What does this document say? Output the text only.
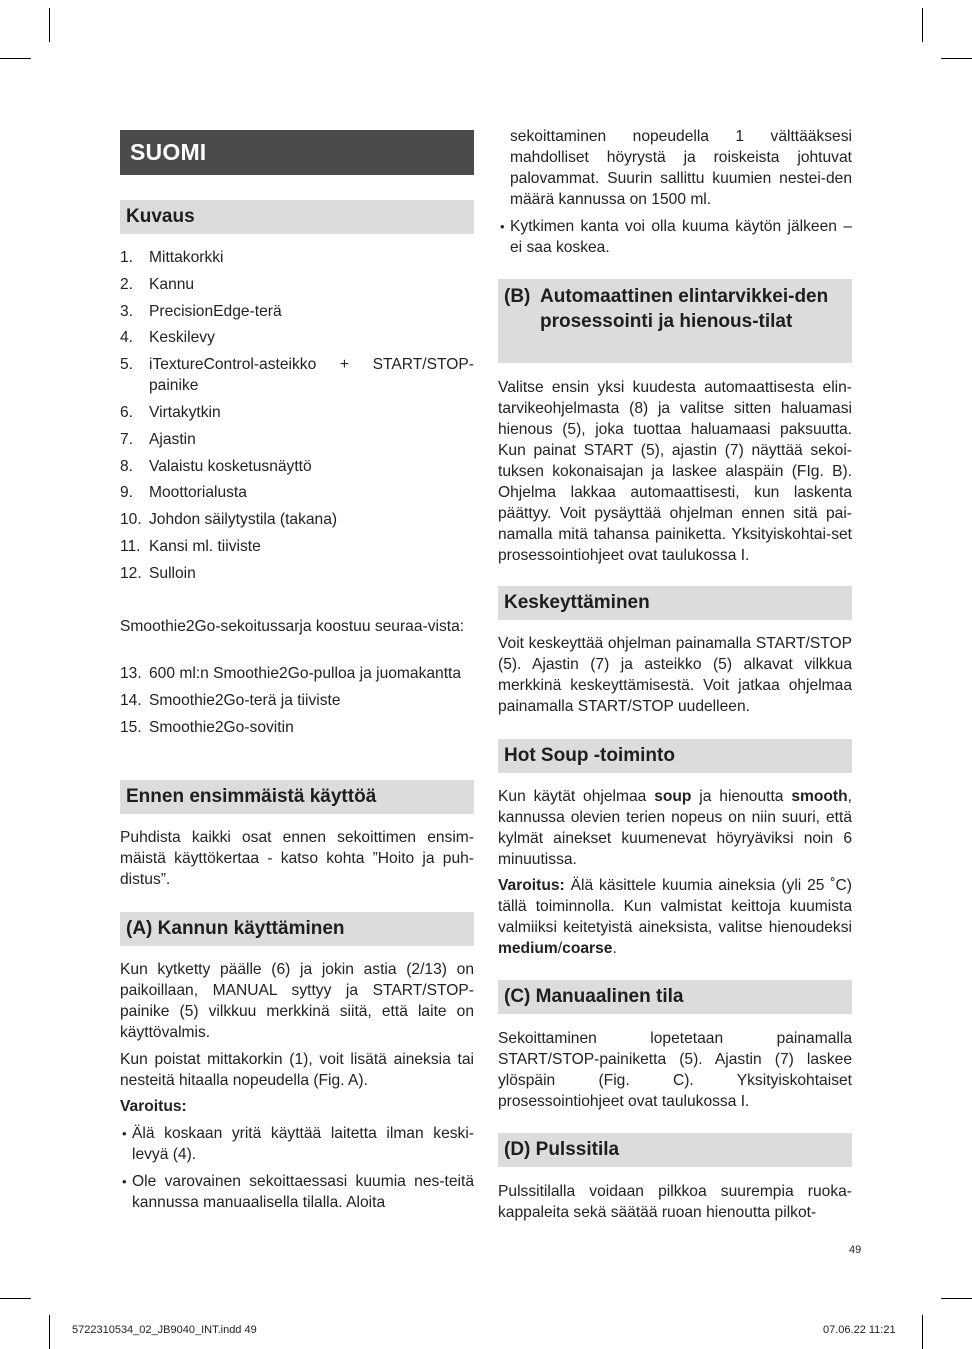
SUOMI
Kuvaus
1. Mittakorkki
2. Kannu
3. PrecisionEdge-terä
4. Keskilevy
5. iTextureControl-asteikko + START/STOP-painike
6. Virtakytkin
7. Ajastin
8. Valaistu kosketusnäyttö
9. Moottorialusta
10. Johdon säilytystila (takana)
11. Kansi ml. tiiviste
12. Sulloin

Smoothie2Go-sekoitussarja koostuu seuraa-vista:

13. 600 ml:n Smoothie2Go-pulloa ja juomakantta
14. Smoothie2Go-terä ja tiiviste
15. Smoothie2Go-sovitin
Ennen ensimmäistä käyttöä

Puhdista kaikki osat ennen sekoittimen ensim-mäistä käyttökertaa - katso kohta ”Hoito ja puh-distus”.

(A) Kannun käyttäminen

Kun kytketty päälle (6) ja jokin astia (2/13) on paikoillaan, MANUAL syttyy ja START/STOP-painike (5) vilkkuu merkkinä siitä, että laite on käyttövalmis.

Kun poistat mittakorkin (1), voit lisätä aineksia tai nesteitä hitaalla nopeudella (Fig. A).

Varoitus:

• Älä koskaan yritä käyttää laitetta ilman keski-levyä (4).
• Ole varovainen sekoittaessasi kuumia nes-teitä kannussa manuaalisella tilalla. Aloita

sekoittaminen nopeudella 1 välttääksesi mahdolliset höyrystä ja roiskeista johtuvat palovammat. Suurin sallittu kuumien nestei-den määrä kannussa on 1500 ml.

• Kytkimen kanta voi olla kuuma käytön jälkeen – ei saa koskea.
(B) Automaattinen elintarvikkei-den prosessointi ja hienous-tilat

Valitse ensin yksi kuudesta automaattisesta elin-tarvikeohjelmasta (8) ja valitse sitten haluamasi hienous (5), joka tuottaa haluamaasi paksuutta. Kun painat START (5), ajastin (7) näyttää sekoi-tuksen kokonaisajan ja laskee alaspäin (FIg. B). Ohjelma lakkaa automaattisesti, kun laskenta päättyy. Voit pysäyttää ohjelman ennen sitä pai-namalla mitä tahansa painiketta. Yksityiskohtai-set prosessointiohjeet ovat taulukossa I.

Keskeyttäminen

Voit keskeyttää ohjelman painamalla START/STOP (5). Ajastin (7) ja asteikko (5) alkavat vilkkua merkkinä keskeyttämisestä. Voit jatkaa ohjelmaa painamalla START/STOP uudelleen.

Hot Soup -toiminto

Kun käytät ohjelmaa soup ja hienoutta smooth, kannussa olevien terien nopeus on niin suuri, että kylmät ainekset kuumenevat höyryäviksi noin 6 minuutissa.

Varoitus: Älä käsittele kuumia aineksia (yli 25 ˚C) tällä toiminnolla. Kun valmistat keittoja kuumista valmiiksi keitetyistä aineksista, valitse hienoudeksi medium/coarse.

(C) Manuaalinen tila

Sekoittaminen lopetetaan painamalla START/STOP-painiketta (5). Ajastin (7) laskee ylöspäin (Fig. C). Yksityiskohtaiset prosessointiohjeet ovat taulukossa I.

(D) Pulssitila

Pulssitilalla voidaan pilkkoa suurempia ruoka-kappaleita sekä säätää ruoan hienoutta pilkot-

49
5722310534_02_JB9040_INT.indd 49	07.06.22 11:21
